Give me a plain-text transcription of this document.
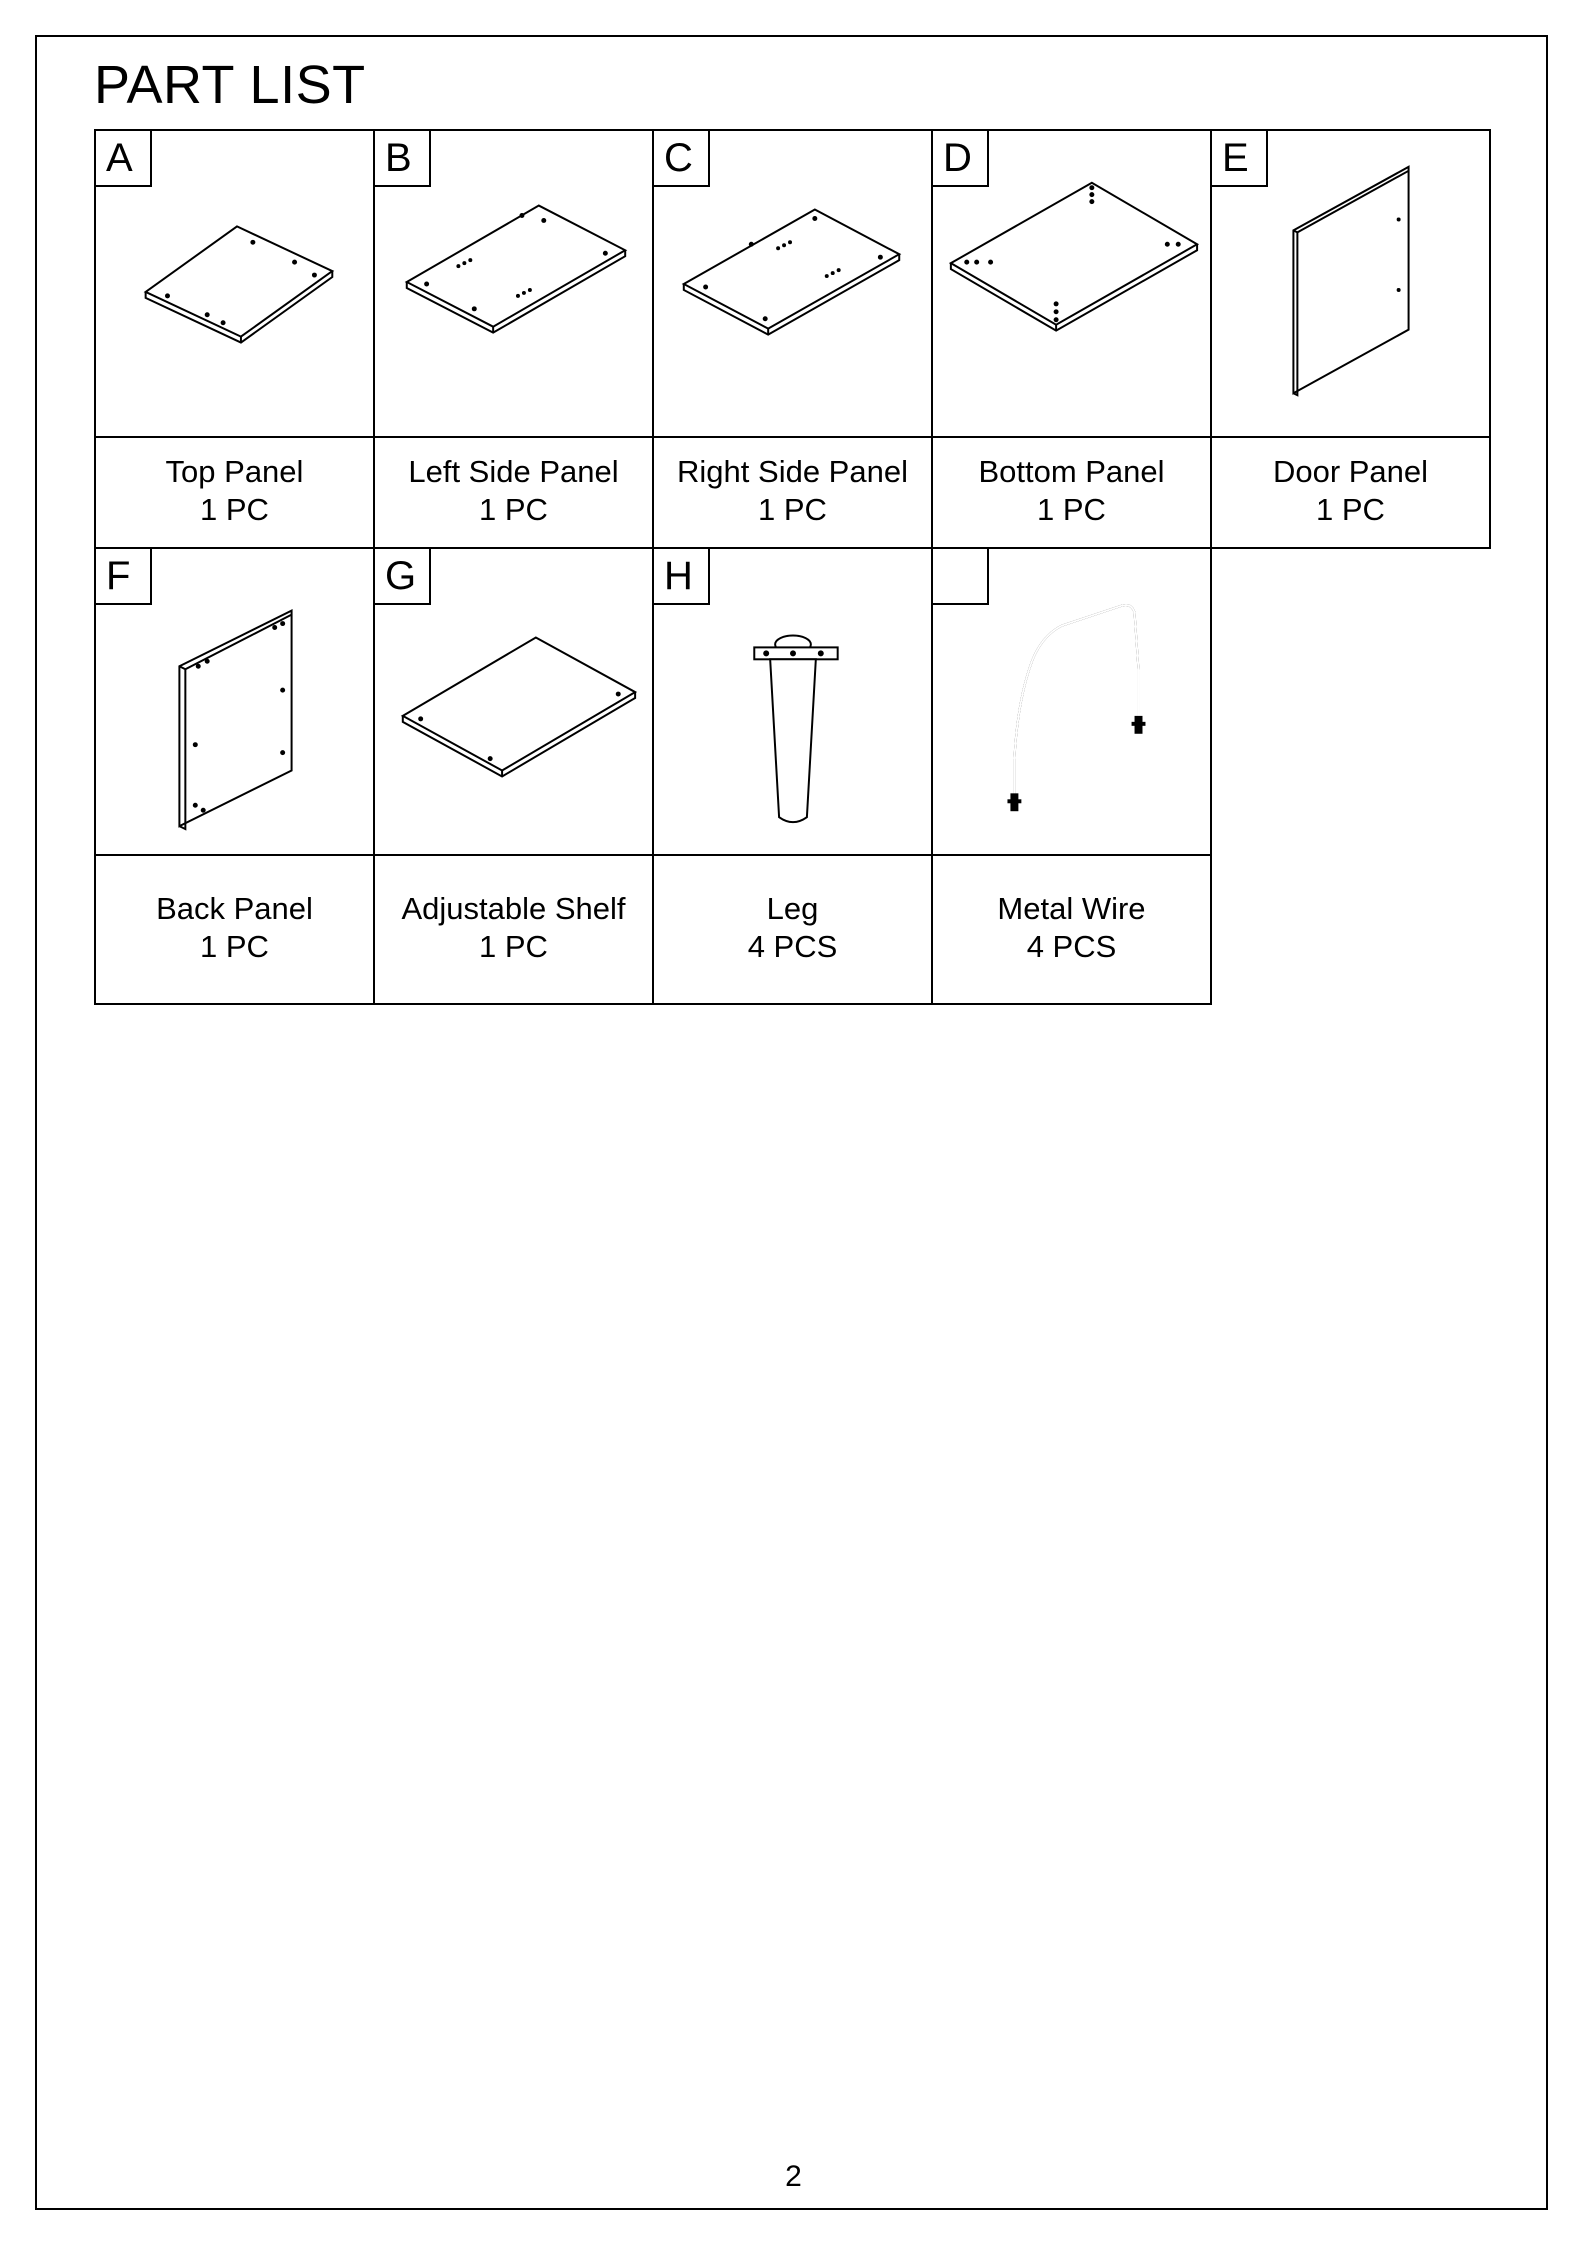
PART LIST
A
Top Panel
1 PC
B
Left Side Panel
1 PC
C
Right Side Panel
1 PC
D
Bottom Panel
1 PC
E
Door Panel
1 PC
F
Back Panel
1 PC
G
Adjustable Shelf
1 PC
H
Leg
4 PCS
Metal Wire
4 PCS
2
